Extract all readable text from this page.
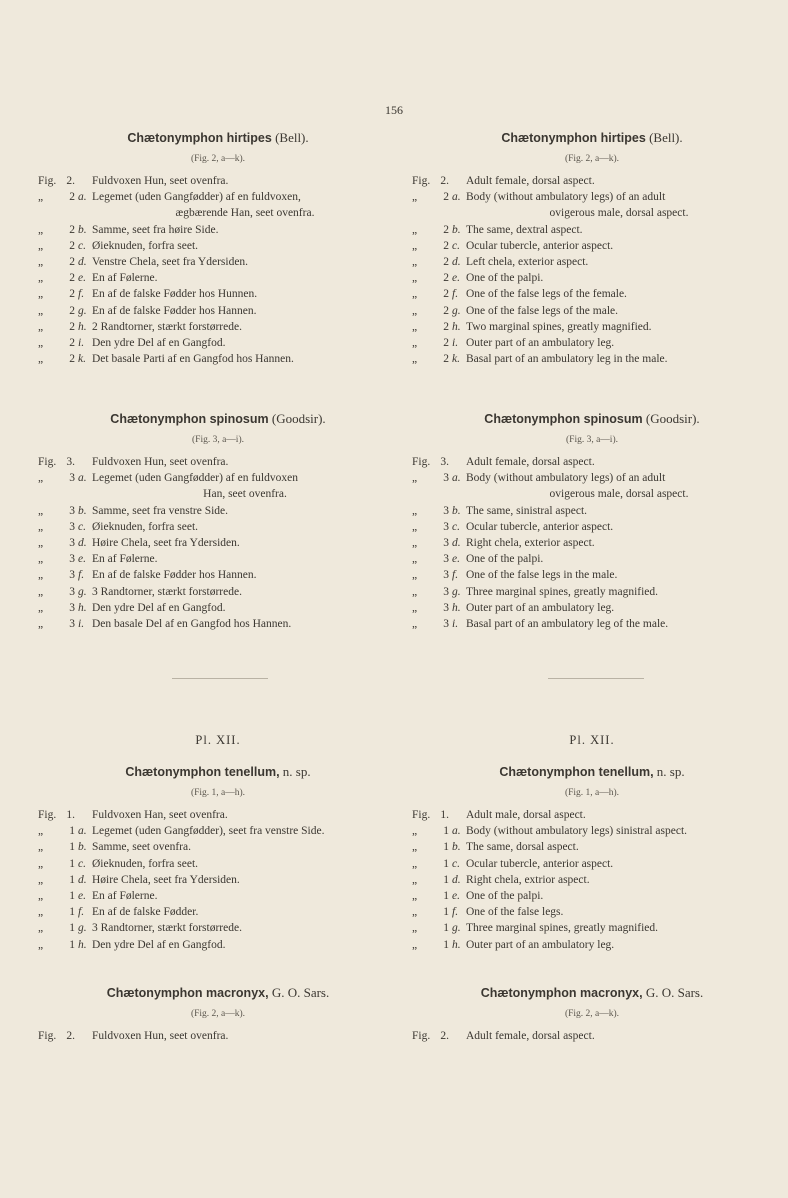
156
Chætonymphon hirtipes (Bell).
(Fig. 2, a—k).
Fig. 2. Fuldvoxen Hun, seet ovenfra.
„	2 a. Legemet (uden Gangfødder) af en fuldvoxen,
ægbærende Han, seet ovenfra.
„	2 b. Samme, seet fra høire Side.
„	2 c. Øieknuden, forfra seet.
„	2 d. Venstre Chela, seet fra Ydersiden.
„	2 e. En af Følerne.
„	2 f. En af de falske Fødder hos Hunnen.
„	2 g. En af de falske Fødder hos Hannen.
„	2 h. 2 Randtorner, stærkt forstørrede.
„	2 i. Den ydre Del af en Gangfod.
„	2 k. Det basale Parti af en Gangfod hos Hannen.
Chætonymphon spinosum (Goodsir).
(Fig. 3, a—i).
Fig. 3. Fuldvoxen Hun, seet ovenfra.
„	3 a. Legemet (uden Gangfødder) af en fuldvoxen
Han, seet ovenfra.
„	3 b. Samme, seet fra venstre Side.
„	3 c. Øieknuden, forfra seet.
„	3 d. Høire Chela, seet fra Ydersiden.
„	3 e. En af Følerne.
„	3 f. En af de falske Fødder hos Hannen.
„	3 g. 3 Randtorner, stærkt forstørrede.
„	3 h. Den ydre Del af en Gangfod.
„	3 i. Den basale Del af en Gangfod hos Hannen.
Pl. XII.
Chætonymphon tenellum, n. sp.
(Fig. 1, a—h).
Fig. 1. Fuldvoxen Han, seet ovenfra.
„	1 a. Legemet (uden Gangfødder), seet fra venstre Side.
„	1 b. Samme, seet ovenfra.
„	1 c. Øieknuden, forfra seet.
„	1 d. Høire Chela, seet fra Ydersiden.
„	1 e. En af Følerne.
„	1 f. En af de falske Fødder.
„	1 g. 3 Randtorner, stærkt forstørrede.
„	1 h. Den ydre Del af en Gangfod.
Chætonymphon macronyx, G. O. Sars.
(Fig. 2, a—k).
Fig. 2. Fuldvoxen Hun, seet ovenfra.
Chætonymphon hirtipes (Bell).
(Fig. 2, a—k).
Fig. 2. Adult female, dorsal aspect.
„	2 a. Body (without ambulatory legs) of an adult
ovigerous male, dorsal aspect.
„	2 b. The same, dextral aspect.
„	2 c. Ocular tubercle, anterior aspect.
„	2 d. Left chela, exterior aspect.
„	2 e. One of the palpi.
„	2 f. One of the false legs of the female.
„	2 g. One of the false legs of the male.
„	2 h. Two marginal spines, greatly magnified.
„	2 i. Outer part of an ambulatory leg.
„	2 k. Basal part of an ambulatory leg in the male.
Chætonymphon spinosum (Goodsir).
(Fig. 3, a—i).
Fig. 3. Adult female, dorsal aspect.
„	3 a. Body (without ambulatory legs) of an adult
ovigerous male, dorsal aspect.
„	3 b. The same, sinistral aspect.
„	3 c. Ocular tubercle, anterior aspect.
„	3 d. Right chela, exterior aspect.
„	3 e. One of the palpi.
„	3 f. One of the false legs in the male.
„	3 g. Three marginal spines, greatly magnified.
„	3 h. Outer part of an ambulatory leg.
„	3 i. Basal part of an ambulatory leg of the male.
Pl. XII.
Chætonymphon tenellum, n. sp.
(Fig. 1, a—h).
Fig. 1. Adult male, dorsal aspect.
„	1 a. Body (without ambulatory legs) sinistral aspect.
„	1 b. The same, dorsal aspect.
„	1 c. Ocular tubercle, anterior aspect.
„	1 d. Right chela, extrior aspect.
„	1 e. One of the palpi.
„	1 f. One of the false legs.
„	1 g. Three marginal spines, greatly magnified.
„	1 h. Outer part of an ambulatory leg.
Chætonymphon macronyx, G. O. Sars.
(Fig. 2, a—k).
Fig. 2. Adult female, dorsal aspect.
